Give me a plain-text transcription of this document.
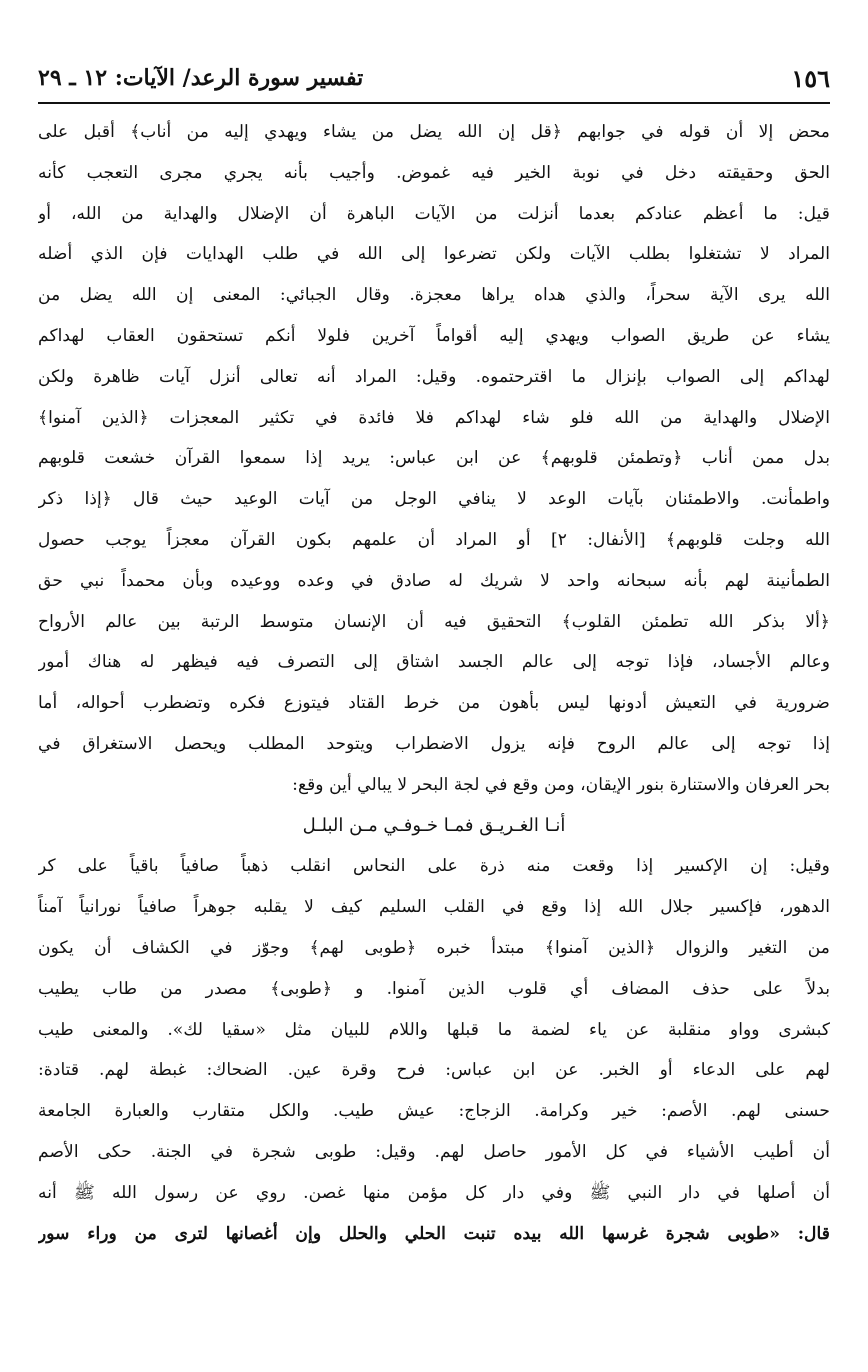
١٥٦
تفسير سورة الرعد/ الآيات: ١٢ ـ ٢٩
محض إلا أن قوله في جوابهم ﴿قل إن الله يضل من يشاء ويهدي إليه من أناب﴾ أقبل على
الحق وحقيقته دخل في نوبة الخير فيه غموض. وأجيب بأنه يجري مجرى التعجب كأنه
قيل: ما أعظم عنادكم بعدما أنزلت من الآيات الباهرة أن الإضلال والهداية من الله، أو
المراد لا تشتغلوا بطلب الآيات ولكن تضرعوا إلى الله في طلب الهدايات فإن الذي أضله
الله يرى الآية سحراً، والذي هداه يراها معجزة. وقال الجبائي: المعنى إن الله يضل من
يشاء عن طريق الصواب ويهدي إليه أقواماً آخرين فلولا أنكم تستحقون العقاب لهداكم
لهداكم إلى الصواب بإنزال ما اقترحتموه. وقيل: المراد أنه تعالى أنزل آيات ظاهرة ولكن
الإضلال والهداية من الله فلو شاء لهداكم فلا فائدة في تكثير المعجزات ﴿الذين آمنوا﴾
بدل ممن أناب ﴿وتطمئن قلوبهم﴾ عن ابن عباس: يريد إذا سمعوا القرآن خشعت قلوبهم
واطمأنت. والاطمئنان بآيات الوعد لا ينافي الوجل من آيات الوعيد حيث قال ﴿إذا ذكر
الله وجلت قلوبهم﴾ [الأنفال: ٢] أو المراد أن علمهم بكون القرآن معجزاً يوجب حصول
الطمأنينة لهم بأنه سبحانه واحد لا شريك له صادق في وعده ووعيده وبأن محمداً نبي حق
﴿ألا بذكر الله تطمئن القلوب﴾ التحقيق فيه أن الإنسان متوسط الرتبة بين عالم الأرواح
وعالم الأجساد، فإذا توجه إلى عالم الجسد اشتاق إلى التصرف فيه فيظهر له هناك أمور
ضرورية في التعيش أدونها ليس بأهون من خرط القتاد فيتوزع فكره وتضطرب أحواله، أما
إذا توجه إلى عالم الروح فإنه يزول الاضطراب ويتوحد المطلب ويحصل الاستغراق في
بحر العرفان والاستنارة بنور الإيقان، ومن وقع في لجة البحر لا يبالي أين وقع:
أنـا الغـريـق فمـا خـوفـي مـن البلـل
وقيل: إن الإكسير إذا وقعت منه ذرة على النحاس انقلب ذهباً صافياً باقياً على كر
الدهور، فإكسير جلال الله إذا وقع في القلب السليم كيف لا يقلبه جوهراً صافياً نورانياً آمناً
من التغير والزوال ﴿الذين آمنوا﴾ مبتدأ خبره ﴿طوبى لهم﴾ وجوّز في الكشاف أن يكون
بدلاً على حذف المضاف أي قلوب الذين آمنوا. و ﴿طوبى﴾ مصدر من طاب يطيب
كبشرى وواو منقلبة عن ياء لضمة ما قبلها واللام للبيان مثل «سقيا لك». والمعنى طيب
لهم على الدعاء أو الخبر. عن ابن عباس: فرح وقرة عين. الضحاك: غبطة لهم. قتادة:
حسنى لهم. الأصم: خير وكرامة. الزجاج: عيش طيب. والكل متقارب والعبارة الجامعة
أن أطيب الأشياء في كل الأمور حاصل لهم. وقيل: طوبى شجرة في الجنة. حكى الأصم
أن أصلها في دار النبي ﷺ وفي دار كل مؤمن منها غصن. روي عن رسول الله ﷺ أنه
قال: «طوبى شجرة غرسها الله بيده تنبت الحلي والحلل وإن أغصانها لترى من وراء سور
